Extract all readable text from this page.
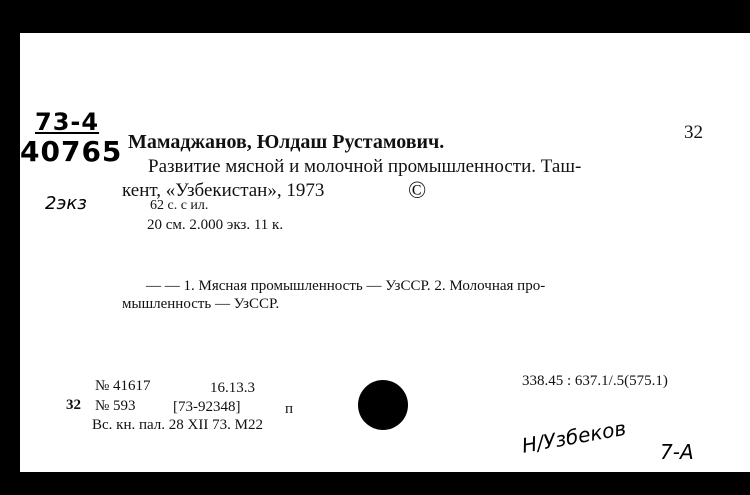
73-4
40765
2экз
Н/Узбеков 7-А
32
Мамаджанов, Юлдаш Рустамович.
Развитие мясной и молочной промышленности. Таш-
кент, «Узбекистан», 1973	©
62 с. с ил.
20 см. 2.000 экз. 11 к.
— — 1. Мясная промышленность — УзССР. 2. Молочная про-
мышленность — УзССР.
№ 41617	16.13.3	338.45 : 637.1/.5(575.1)
32 № 593 [73-92348]	п
Вс. кн. пал. 28 XII 73. М22
